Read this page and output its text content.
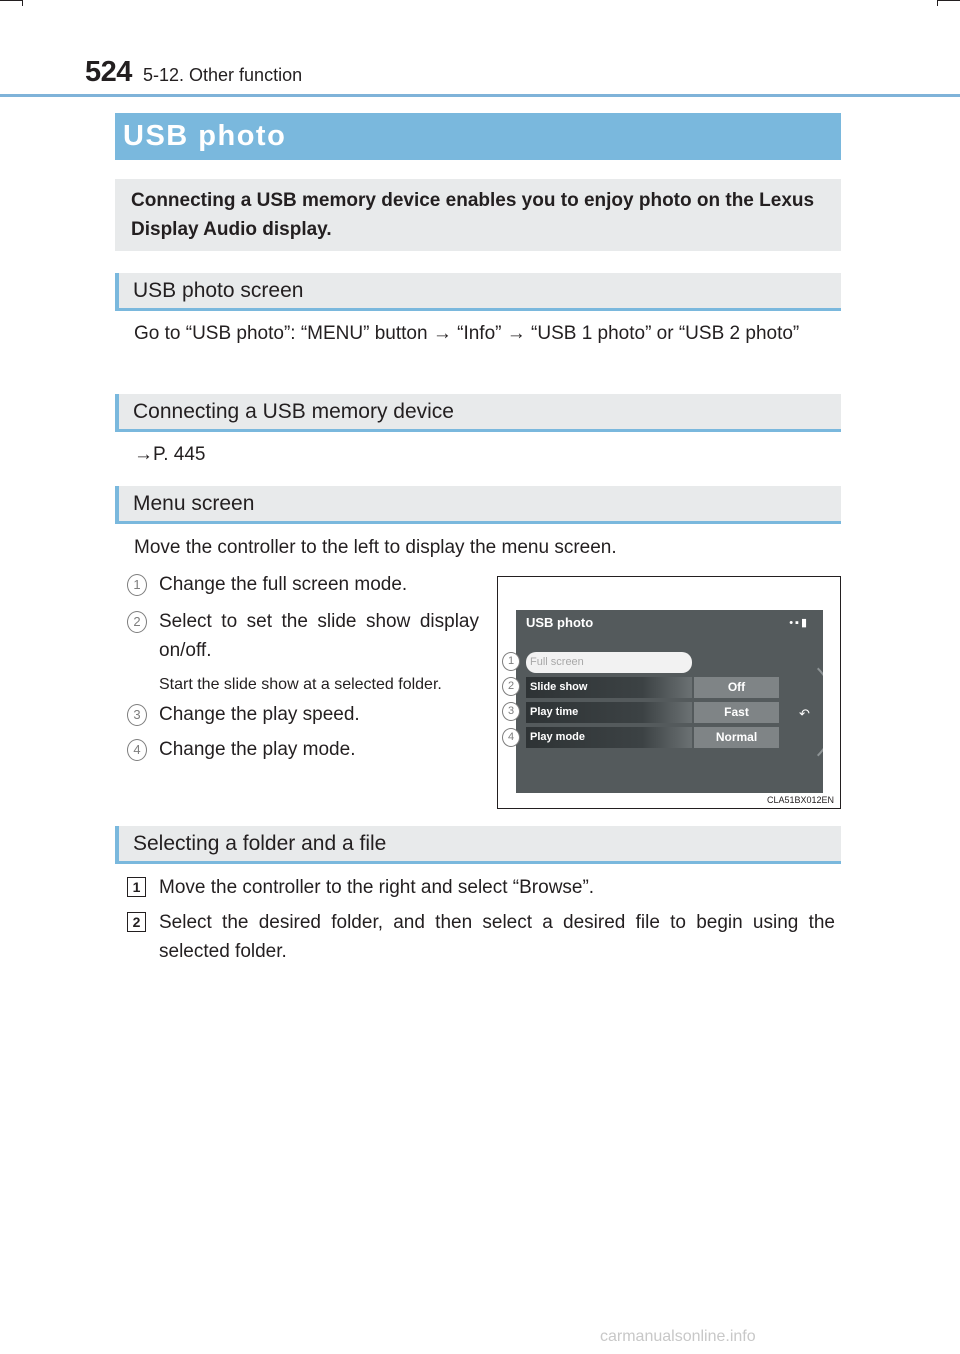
524 5-12. Other function
USB photo
Connecting a USB memory device enables you to enjoy photo on the Lexus Display Audio display.
USB photo screen
Go to “USB photo”: “MENU” button → “Info” → “USB 1 photo” or “USB 2 photo”
Connecting a USB memory device
→P. 445
Menu screen
Move the controller to the left to display the menu screen.
1 Change the full screen mode.
2 Select to set the slide show display on/off.
Start the slide show at a selected folder.
3 Change the play speed.
4 Change the play mode.
USB photo	•▪▮
Full screen
Slide show	Off
Play time	Fast
Play mode	Normal
↶
1
2
3
4
CLA51BX012EN
Selecting a folder and a file
1 Move the controller to the right and select “Browse”.
2 Select the desired folder, and then select a desired file to begin using the selected folder.
carmanualsonline.info
